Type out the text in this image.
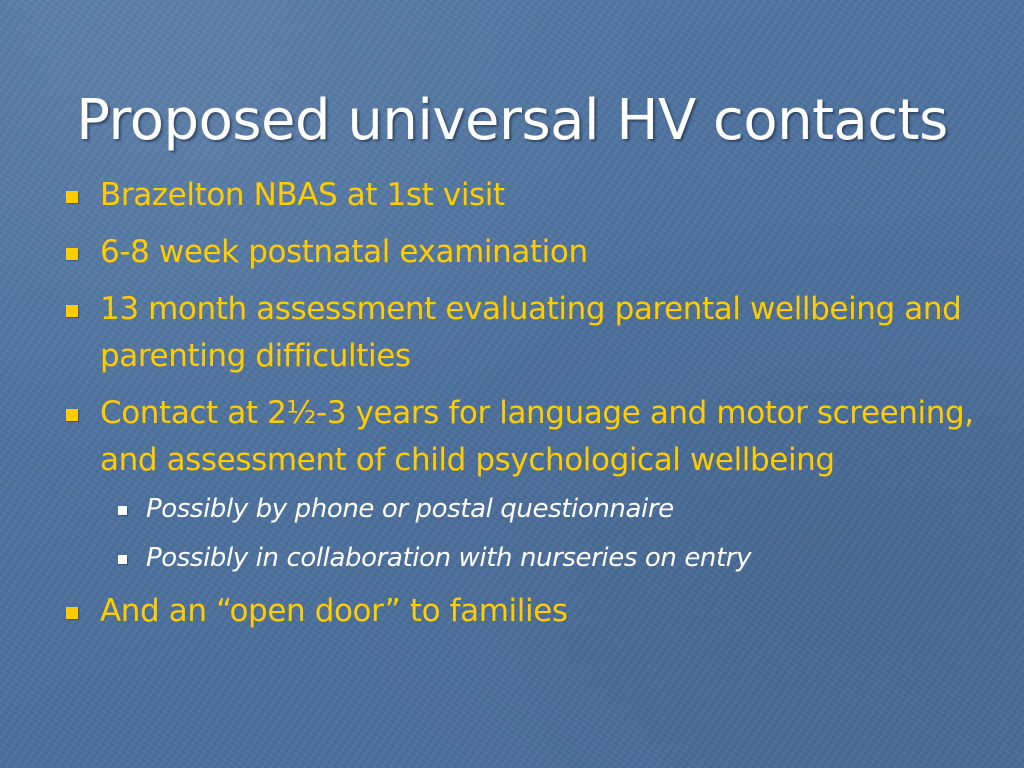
Proposed universal HV contacts
Brazelton NBAS at 1st visit
6-8 week postnatal examination
13 month assessment evaluating parental wellbeing and parenting difficulties
Contact at 2½-3 years for language and motor screening, and assessment of child psychological wellbeing
Possibly by phone or postal questionnaire
Possibly in collaboration with nurseries on entry
And an “open door” to families
